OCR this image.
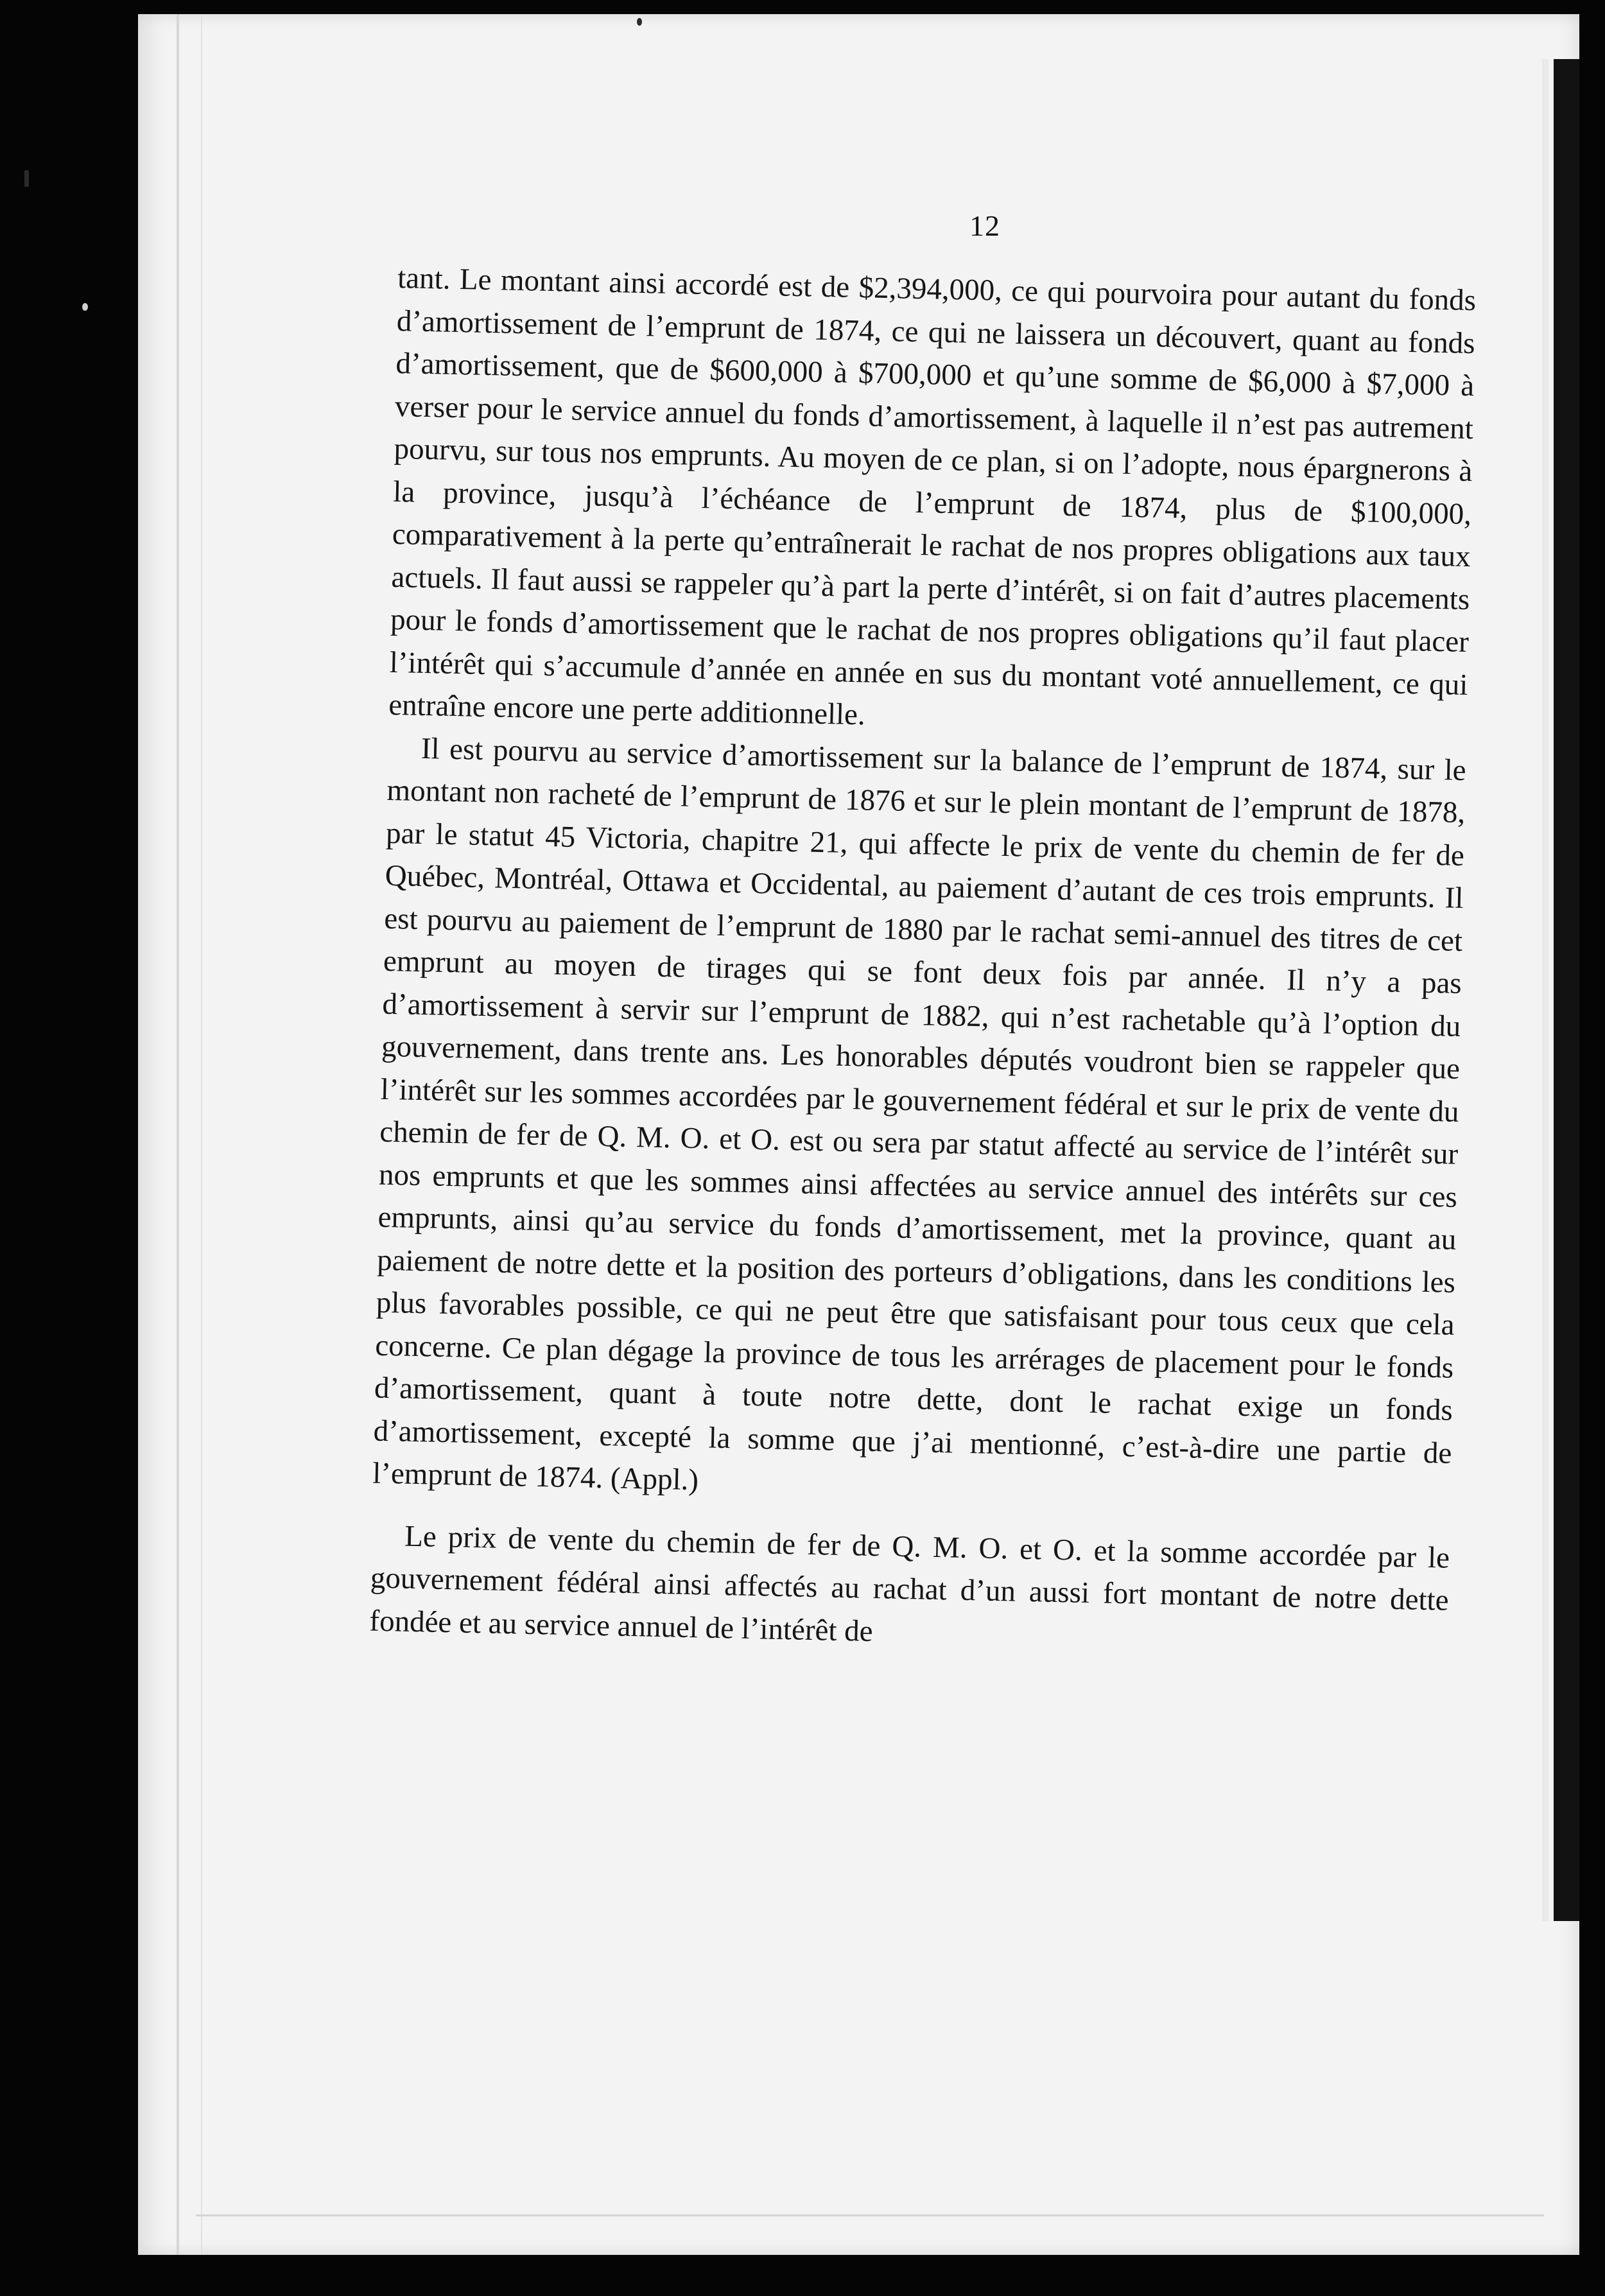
12

tant. Le montant ainsi accordé est de $2,394,000, ce qui pourvoira pour autant du fonds d’amortissement de l’emprunt de 1874, ce qui ne laissera un découvert, quant au fonds d’amortissement, que de $600,000 à $700,000 et qu’une somme de $6,000 à $7,000 à verser pour le service annuel du fonds d’amortissement, à laquelle il n’est pas autrement pourvu, sur tous nos emprunts. Au moyen de ce plan, si on l’adopte, nous épargnerons à la province, jusqu’à l’échéance de l’emprunt de 1874, plus de $100,000, comparativement à la perte qu’entraînerait le rachat de nos propres obligations aux taux actuels. Il faut aussi se rappeler qu’à part la perte d’intérêt, si on fait d’autres placements pour le fonds d’amortissement que le rachat de nos propres obligations qu’il faut placer l’intérêt qui s’accumule d’année en année en sus du montant voté annuellement, ce qui entraîne encore une perte additionnelle.

Il est pourvu au service d’amortissement sur la balance de l’emprunt de 1874, sur le montant non racheté de l’emprunt de 1876 et sur le plein montant de l’emprunt de 1878, par le statut 45 Victoria, chapitre 21, qui affecte le prix de vente du chemin de fer de Québec, Montréal, Ottawa et Occidental, au paiement d’autant de ces trois emprunts. Il est pourvu au paiement de l’emprunt de 1880 par le rachat semi-annuel des titres de cet emprunt au moyen de tirages qui se font deux fois par année. Il n’y a pas d’amortissement à servir sur l’emprunt de 1882, qui n’est rachetable qu’à l’option du gouvernement, dans trente ans. Les honorables députés voudront bien se rappeler que l’intérêt sur les sommes accordées par le gouvernement fédéral et sur le prix de vente du chemin de fer de Q. M. O. et O. est ou sera par statut affecté au service de l’intérêt sur nos emprunts et que les sommes ainsi affectées au service annuel des intérêts sur ces emprunts, ainsi qu’au service du fonds d’amortissement, met la province, quant au paiement de notre dette et la position des porteurs d’obligations, dans les conditions les plus favorables possible, ce qui ne peut être que satisfaisant pour tous ceux que cela concerne. Ce plan dégage la province de tous les arrérages de placement pour le fonds d’amortissement, quant à toute notre dette, dont le rachat exige un fonds d’amortissement, excepté la somme que j’ai mentionné, c’est-à-dire une partie de l’emprunt de 1874. (Appl.)

Le prix de vente du chemin de fer de Q. M. O. et O. et la somme accordée par le gouvernement fédéral ainsi affectés au rachat d’un aussi fort montant de notre dette fondée et au service annuel de l’intérêt de
